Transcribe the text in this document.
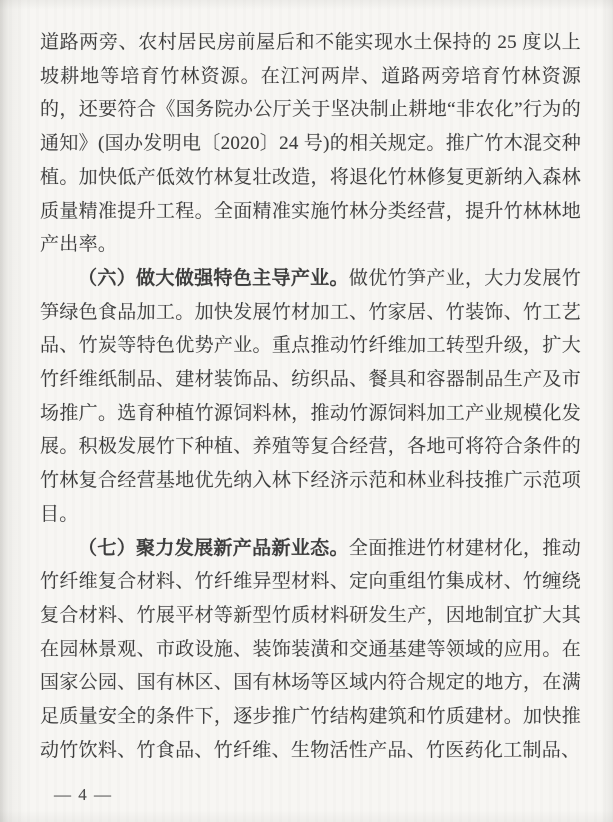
道路两旁、农村居民房前屋后和不能实现水土保持的 25 度以上坡耕地等培育竹林资源。在江河两岸、道路两旁培育竹林资源的，还要符合《国务院办公厅关于坚决制止耕地“非农化”行为的通知》(国办发明电〔2020〕24 号)的相关规定。推广竹木混交种植。加快低产低效竹林复壮改造，将退化竹林修复更新纳入森林质量精准提升工程。全面精准实施竹林分类经营，提升竹林林地产出率。

（六）做大做强特色主导产业。做优竹笋产业，大力发展竹笋绿色食品加工。加快发展竹材加工、竹家居、竹装饰、竹工艺品、竹炭等特色优势产业。重点推动竹纤维加工转型升级，扩大竹纤维纸制品、建材装饰品、纺织品、餐具和容器制品生产及市场推广。选育种植竹源饲料林，推动竹源饲料加工产业规模化发展。积极发展竹下种植、养殖等复合经营，各地可将符合条件的竹林复合经营基地优先纳入林下经济示范和林业科技推广示范项目。

（七）聚力发展新产品新业态。全面推进竹材建材化，推动竹纤维复合材料、竹纤维异型材料、定向重组竹集成材、竹缠绕复合材料、竹展平材等新型竹质材料研发生产，因地制宜扩大其在园林景观、市政设施、装饰装潢和交通基建等领域的应用。在国家公园、国有林区、国有林场等区域内符合规定的地方，在满足质量安全的条件下，逐步推广竹结构建筑和竹质建材。加快推动竹饮料、竹食品、竹纤维、生物活性产品、竹医药化工制品、

— 4 —
